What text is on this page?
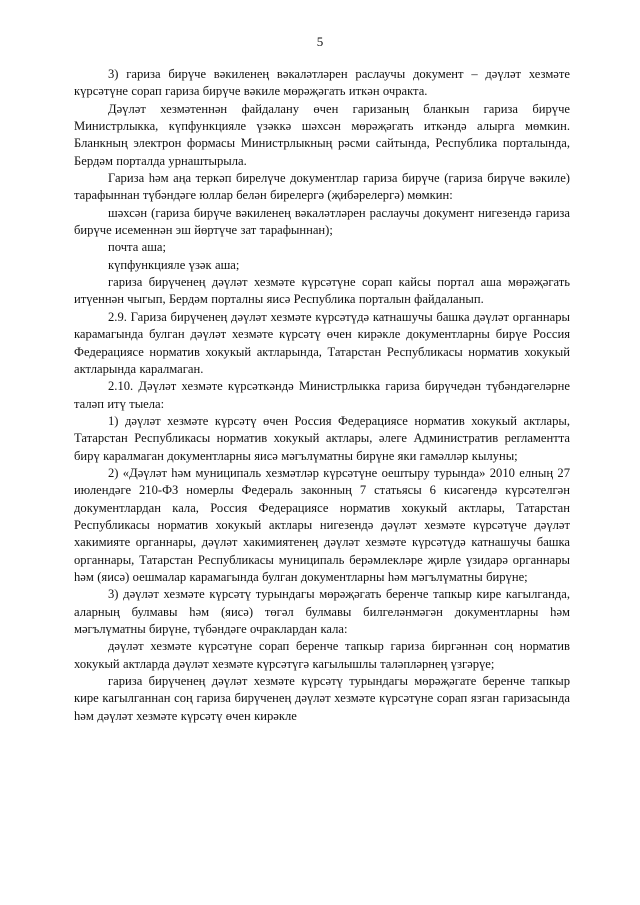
5

3) гариза бирүче вәкиленең вәкаләтләрен раслаучы документ – дәүләт хезмәте күрсәтүне сорап гариза бирүче вәкиле мөрәҗәгать иткән очракта.

Дәүләт хезмәтеннән файдалану өчен гаризаның бланкын гариза бирүче Министрлыкка, күпфункцияле үзәккә шәхсән мөрәҗәгать иткәндә алырга мөмкин. Бланкның электрон формасы Министрлыкның рәсми сайтында, Республика порталында, Бердәм порталда урнаштырыла.

Гариза һәм аңа теркәп бирелүче документлар гариза бирүче (гариза бирүче вәкиле) тарафыннан түбәндәге юллар белән бирелергә (җибәрелергә) мөмкин:

шәхсән (гариза бирүче вәкиленең вәкаләтләрен раслаучы документ нигезендә гариза бирүче исеменнән эш йөртүче зат тарафыннан);

почта аша;

күпфункцияле үзәк аша;

гариза бирүченең дәүләт хезмәте күрсәтүне сорап кайсы портал аша мөрәҗәгать итүеннән чыгып, Бердәм порталны яисә Республика порталын файдаланып.

2.9. Гариза бирүченең дәүләт хезмәте күрсәтүдә катнашучы башка дәүләт органнары карамагында булган дәүләт хезмәте күрсәтү өчен кирәкле документларны бирүе Россия Федерациясе норматив хокукый актларында, Татарстан Республикасы норматив хокукый актларында каралмаган.

2.10. Дәүләт хезмәте күрсәткәндә Министрлыкка гариза бирүчедән түбәндәгеләрне таләп итү тыела:

1) дәүләт хезмәте күрсәтү өчен Россия Федерациясе норматив хокукый актлары, Татарстан Республикасы норматив хокукый актлары, әлеге Административ регламентта бирү каралмаган документларны яисә мәгълүматны бирүне яки гамәлләр кылуны;

2) «Дәүләт һәм муниципаль хезмәтләр күрсәтүне оештыру турында» 2010 елның 27 июлендәге 210-ФЗ номерлы Федераль законның 7 статьясы 6 кисәгендә күрсәтелгән документлардан кала, Россия Федерациясе норматив хокукый актлары, Татарстан Республикасы норматив хокукый актлары нигезендә дәүләт хезмәте күрсәтүче дәүләт хакимияте органнары, дәүләт хакимиятенең дәүләт хезмәте күрсәтүдә катнашучы башка органнары, Татарстан Республикасы муниципаль берәмлекләре җирле үзидарә органнары һәм (яисә) оешмалар карамагында булган документларны һәм мәгълүматны бирүне;

3) дәүләт хезмәте күрсәтү турындагы мөрәҗәгать беренче тапкыр кире кагылганда, аларның булмавы һәм (яисә) төгәл булмавы билгеләнмәгән документларны һәм мәгълүматны бирүне, түбәндәге очраклардан кала:

дәүләт хезмәте күрсәтүне сорап беренче тапкыр гариза биргәннән соң норматив хокукый актларда дәүләт хезмәте күрсәтүгә кагылышлы таләпләрнең үзгәрүе;

гариза бирүченең дәүләт хезмәте күрсәтү турындагы мөрәҗәгате беренче тапкыр кире кагылганнан соң гариза бирүченең дәүләт хезмәте күрсәтүне сорап язган гаризасында һәм дәүләт хезмәте күрсәтү өчен кирәкле
